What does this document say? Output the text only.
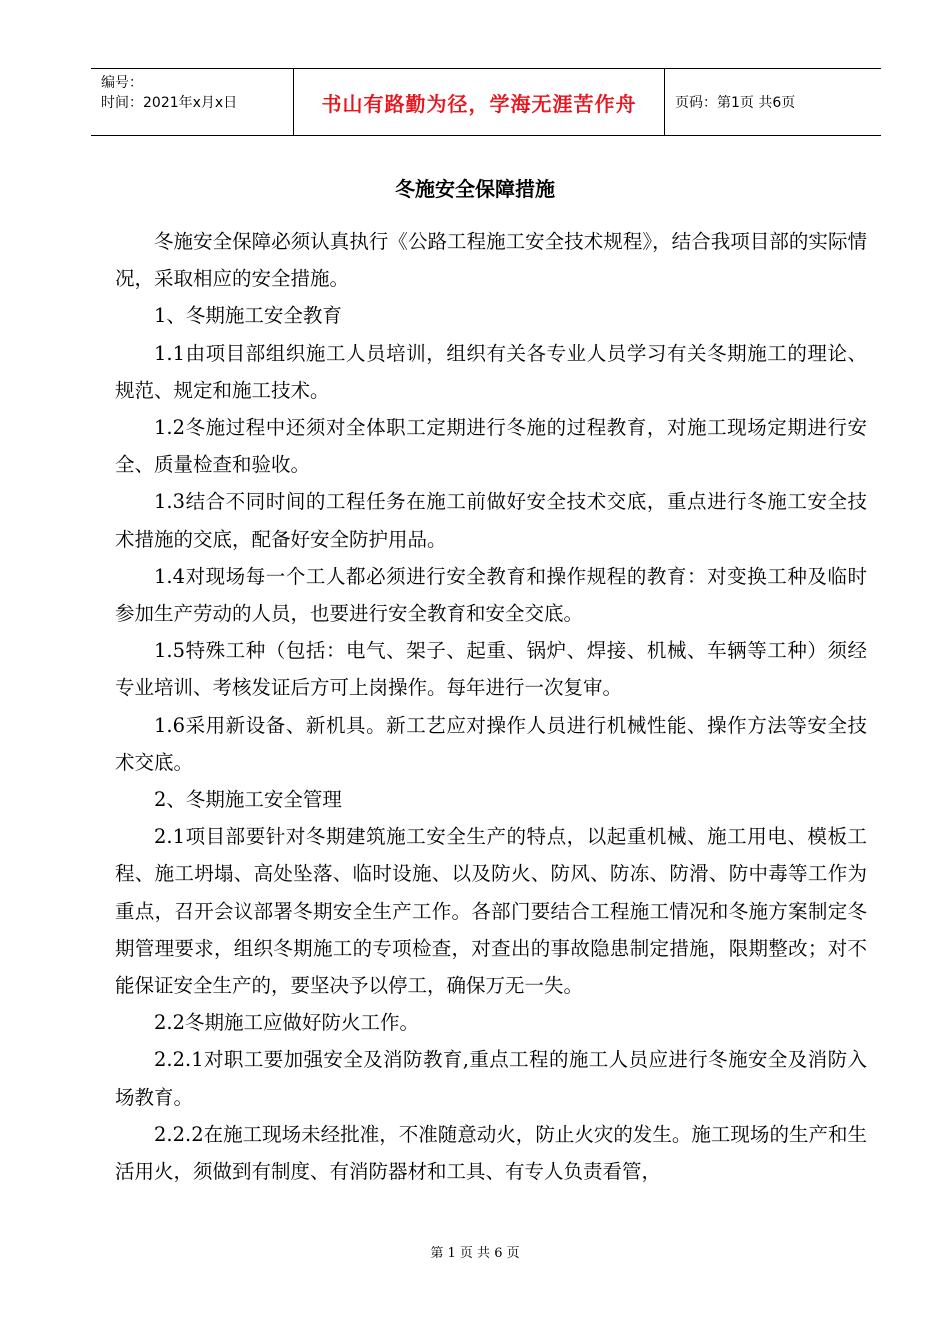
编号：
时间：2021年x月x日	书山有路勤为径，学海无涯苦作舟	页码：第1页 共6页
冬施安全保障措施

冬施安全保障必须认真执行《公路工程施工安全技术规程》，结合我项目部的实际情况，采取相应的安全措施。

1、冬期施工安全教育

1.1由项目部组织施工人员培训，组织有关各专业人员学习有关冬期施工的理论、规范、规定和施工技术。

1.2冬施过程中还须对全体职工定期进行冬施的过程教育，对施工现场定期进行安全、质量检查和验收。

1.3结合不同时间的工程任务在施工前做好安全技术交底，重点进行冬施工安全技术措施的交底，配备好安全防护用品。

1.4对现场每一个工人都必须进行安全教育和操作规程的教育：对变换工种及临时参加生产劳动的人员，也要进行安全教育和安全交底。

1.5特殊工种（包括：电气、架子、起重、锅炉、焊接、机械、车辆等工种）须经专业培训、考核发证后方可上岗操作。每年进行一次复审。

1.6采用新设备、新机具。新工艺应对操作人员进行机械性能、操作方法等安全技术交底。

2、冬期施工安全管理

2.1项目部要针对冬期建筑施工安全生产的特点，以起重机械、施工用电、模板工程、施工坍塌、高处坠落、临时设施、以及防火、防风、防冻、防滑、防中毒等工作为重点，召开会议部署冬期安全生产工作。各部门要结合工程施工情况和冬施方案制定冬期管理要求，组织冬期施工的专项检查，对查出的事故隐患制定措施，限期整改；对不能保证安全生产的，要坚决予以停工，确保万无一失。

2.2冬期施工应做好防火工作。

2.2.1对职工要加强安全及消防教育,重点工程的施工人员应进行冬施安全及消防入场教育。

2.2.2在施工现场未经批准，不准随意动火，防止火灾的发生。施工现场的生产和生活用火，须做到有制度、有消防器材和工具、有专人负责看管，

第 1 页 共 6 页
